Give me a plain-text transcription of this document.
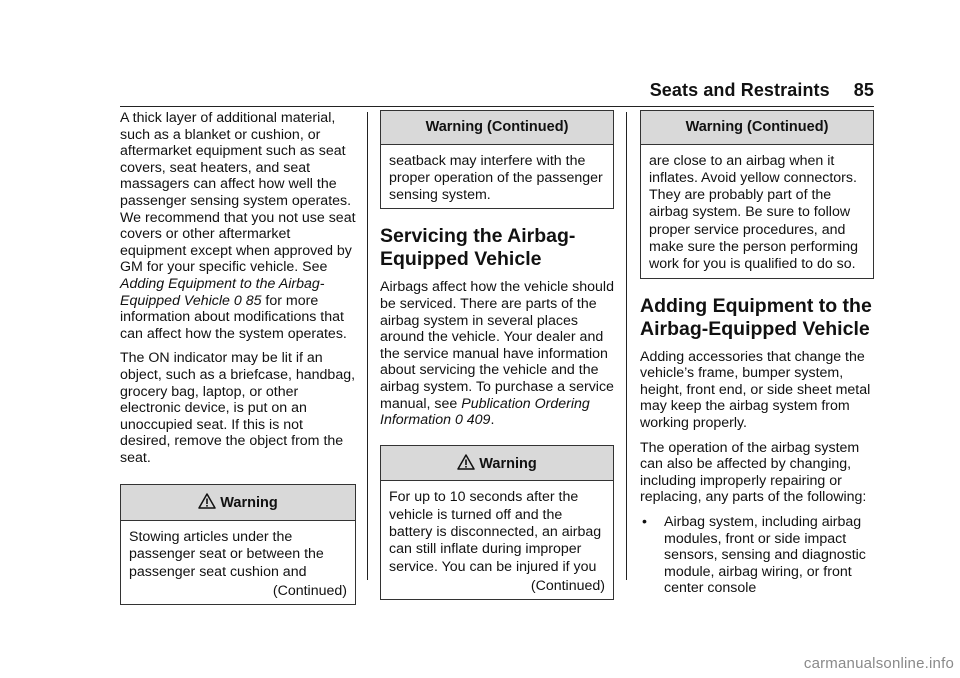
Seats and Restraints 85

A thick layer of additional material, such as a blanket or cushion, or aftermarket equipment such as seat covers, seat heaters, and seat massagers can affect how well the passenger sensing system operates. We recommend that you not use seat covers or other aftermarket equipment except when approved by GM for your specific vehicle. See Adding Equipment to the Airbag-Equipped Vehicle 0 85 for more information about modifications that can affect how the system operates.

The ON indicator may be lit if an object, such as a briefcase, handbag, grocery bag, laptop, or other electronic device, is put on an unoccupied seat. If this is not desired, remove the object from the seat.

Warning
Stowing articles under the passenger seat or between the passenger seat cushion and
(Continued)
Warning (Continued)
seatback may interfere with the proper operation of the passenger sensing system.
Servicing the Airbag-Equipped Vehicle

Airbags affect how the vehicle should be serviced. There are parts of the airbag system in several places around the vehicle. Your dealer and the service manual have information about servicing the vehicle and the airbag system. To purchase a service manual, see Publication Ordering Information 0 409.

Warning
For up to 10 seconds after the vehicle is turned off and the battery is disconnected, an airbag can still inflate during improper service. You can be injured if you
(Continued)
Warning (Continued)
are close to an airbag when it inflates. Avoid yellow connectors. They are probably part of the airbag system. Be sure to follow proper service procedures, and make sure the person performing work for you is qualified to do so.
Adding Equipment to the Airbag-Equipped Vehicle

Adding accessories that change the vehicle’s frame, bumper system, height, front end, or side sheet metal may keep the airbag system from working properly.

The operation of the airbag system can also be affected by changing, including improperly repairing or replacing, any parts of the following:

•	Airbag system, including airbag modules, front or side impact sensors, sensing and diagnostic module, airbag wiring, or front center console
carmanualsonline.info
